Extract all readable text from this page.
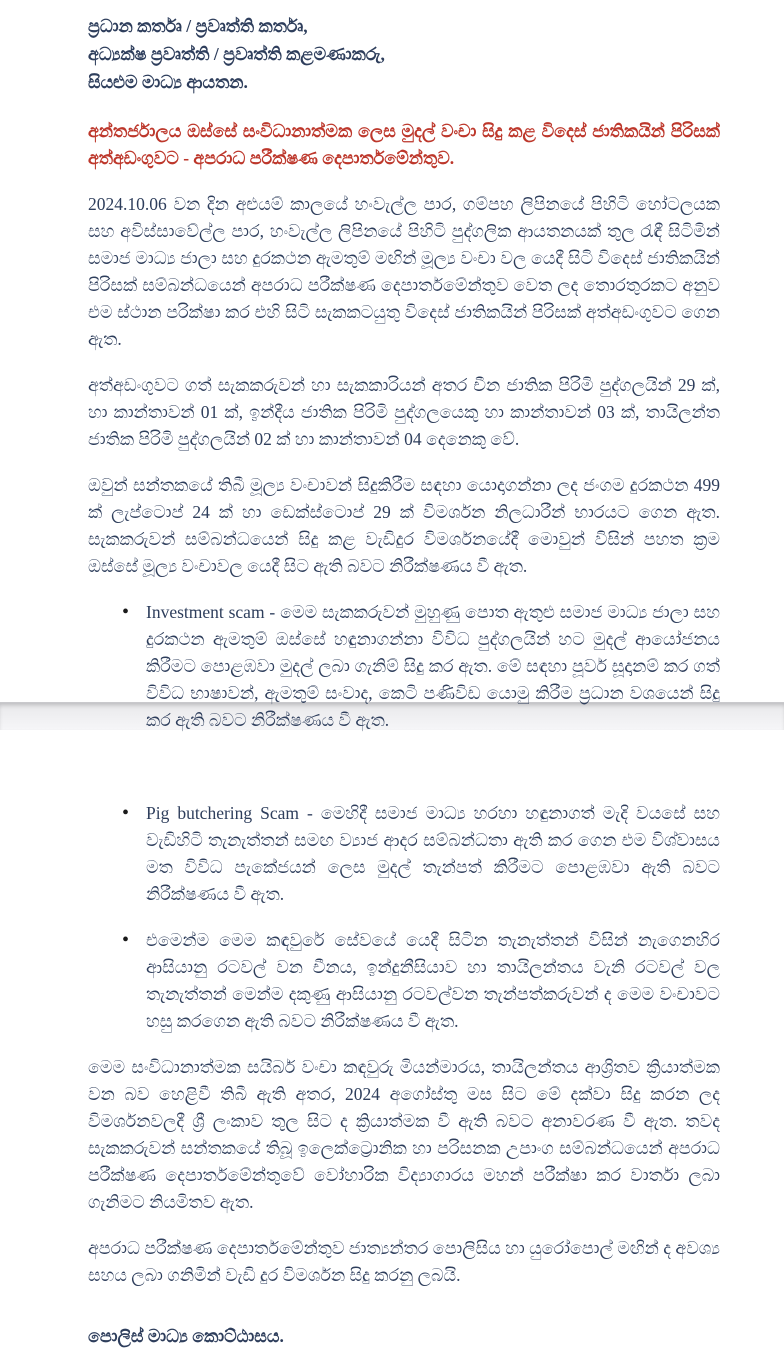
ප්‍රධාන කර්තෘ / ප්‍රවෘත්ති කර්තෘ,

අධ්‍යක්ෂ ප්‍රවෘත්ති / ප්‍රවෘත්ති කළමණාකරු,

සියළුම මාධ්‍ය ආයතන.

අන්තර්ජාලය ඔස්සේ සංවිධානාත්මක ලෙස මුදල් වංචා සිදු කළ විදෙස් ජාතිකයින් පිරිසක් අත්අඩංගුවට - අපරාධ පරීක්ෂණ දෙපාර්තමේන්තුව.

2024.10.06 වන දින අළුයම් කාලයේ හංවැල්ල පාර, ගම්පහ ලිපිනයේ පිහිටි හෝටලයක සහ අවිස්සාවේල්ල පාර, හංවැල්ල ලිපිනයේ පිහිටි පුද්ගලික ආයතනයක් තුල රැඳී සිටිමින් සමාජ මාධ්‍ය ජාලා සහ දුරකථන ඇමතුම් මඟින් මූල්‍ය වංචා වල යෙදී සිටි විදෙස් ජාතිකයින් පිරිසක් සම්බන්ධයෙන් අපරාධ පරීක්ෂණ දෙපාර්තමේන්තුව වෙත ලද තොරතුරකට අනුව එම ස්ථාන පරික්ෂා කර එහි සිටි සැකකටයුතු විදෙස් ජාතිකයින් පිරිසක් අත්අඩංගුවට ගෙන ඇත.

අත්අඩංගුවට ගත් සැකකරුවන් හා සැකකාරියන් අතර චීන ජාතික පිරිමි පුද්ගලයින් 29 ක්, හා කාන්තාවන් 01 ක්, ඉන්දීය ජාතික පිරිමි පුද්ගලයෙකු හා කාන්තාවන් 03 ක්, තායිලන්ත ජාතික පිරිමි පුද්ගලයින් 02 ක් හා කාන්තාවන් 04 දෙනෙකු වේ.

ඔවුන් සන්තකයේ තිබී මූල්‍ය වංචාවන් සිදුකිරීම සඳහා යොදාගන්නා ලද ජංගම දුරකථන 499 ක් ලැප්ටොප් 24 ක් හා ඩෙක්ස්ටොප් 29 ක් විමර්ශන නිලධාරීන් භාරයට ගෙන ඇත. සැකකරුවන් සම්බන්ධයෙන් සිදු කළ වැඩිදුර විමර්ශනයේදී මොවුන් විසින් පහත ක්‍රම ඔස්සේ මූල්‍ය වංචාවල යෙදී සිට ඇති බවට නිරීක්ෂණය වී ඇත.

• Investment scam - මෙම සැකකරුවන් මුහුණු පොත ඇතුළු සමාජ මාධ්‍ය ජාලා සහ දුරකථන ඇමතුම් ඔස්සේ හඳුනාගන්නා විවිධ පුද්ගලයින් හට මුදල් ආයෝජනය කිරීමට පොළඹවා මුදල් ලබා ගැනිම් සිදු කර ඇත. මේ සඳහා පූර්ව සූදානම් කර ගත් විවිධ භාෂාවන්, ඇමතුම් සංවාද, කෙටි පණිවිඩ යොමු කිරීම ප්‍රධාන වශයෙන් සිදු කර ඇති බවට නිරීක්ෂණය වී ඇත.
• Pig butchering Scam - මෙහිදී සමාජ මාධ්‍ය හරහා හඳුනාගත් මැදි වයසේ සහ වැඩිහිටි තැනැත්තන් සමඟ ව්‍යාජ ආදර සම්බන්ධතා ඇති කර ගෙන එම විශ්වාසය මත විවිධ පැකේජයන් ලෙස මුදල් තැන්පත් කිරීමට පොළඹවා ඇති බවට නිරීක්ෂණය වී ඇත.
• එමෙන්ම මෙම කඳවුරේ සේවයේ යෙදී සිටින තැනැත්තන් විසින් නැගෙනහිර ආසියානු රටවල් වන චීනය, ඉන්දුනීසියාව හා තායිලන්තය වැනි රටවල් වල තැනැත්තන් මෙන්ම දකුණු ආසියානු රටවල්වන තැන්පත්කරුවන් ද මෙම වංචාවට හසු කරගෙන ඇති බවට නිරීක්ෂණය වී ඇත.

මෙම සංවිධානාත්මක සයිබර් වංචා කඳවුරු මියන්මාරය, තායිලන්තය ආශ්‍රිතව ක්‍රියාත්මක වන බව හෙළිවී තිබී ඇති අතර, 2024 අගෝස්තු මස සිට මේ දක්වා සිදු කරන ලද විමර්ශනවලදී ශ්‍රී ලංකාව තුල සිට ද ක්‍රියාත්මක වී ඇති බවට අනාවරණ වී ඇත. තවද සැකකරුවන් සන්තකයේ තිබූ ඉලෙක්ට්‍රොනික හා පරිසනක උපාංග සම්බන්ධයෙන් අපරාධ පරීක්ෂණ දෙපාර්තමේන්තුවේ වෝහාරික විද්‍යාගාරය මහන් පරීක්ෂා කර වාර්තා ලබා ගැනිමට නියමිතව ඇත.

අපරාධ පරීක්ෂණ දෙපාර්තමේන්තුව ජාත්‍යන්තර පොලිසිය හා යුරෝපොල් මඟින් ද අවශ්‍ය සහය ලබා ගනිමින් වැඩි දුර විමර්ශන සිදු කරනු ලබයි.

පොලිස් මාධ්‍ය කොට්ඨාසය.
